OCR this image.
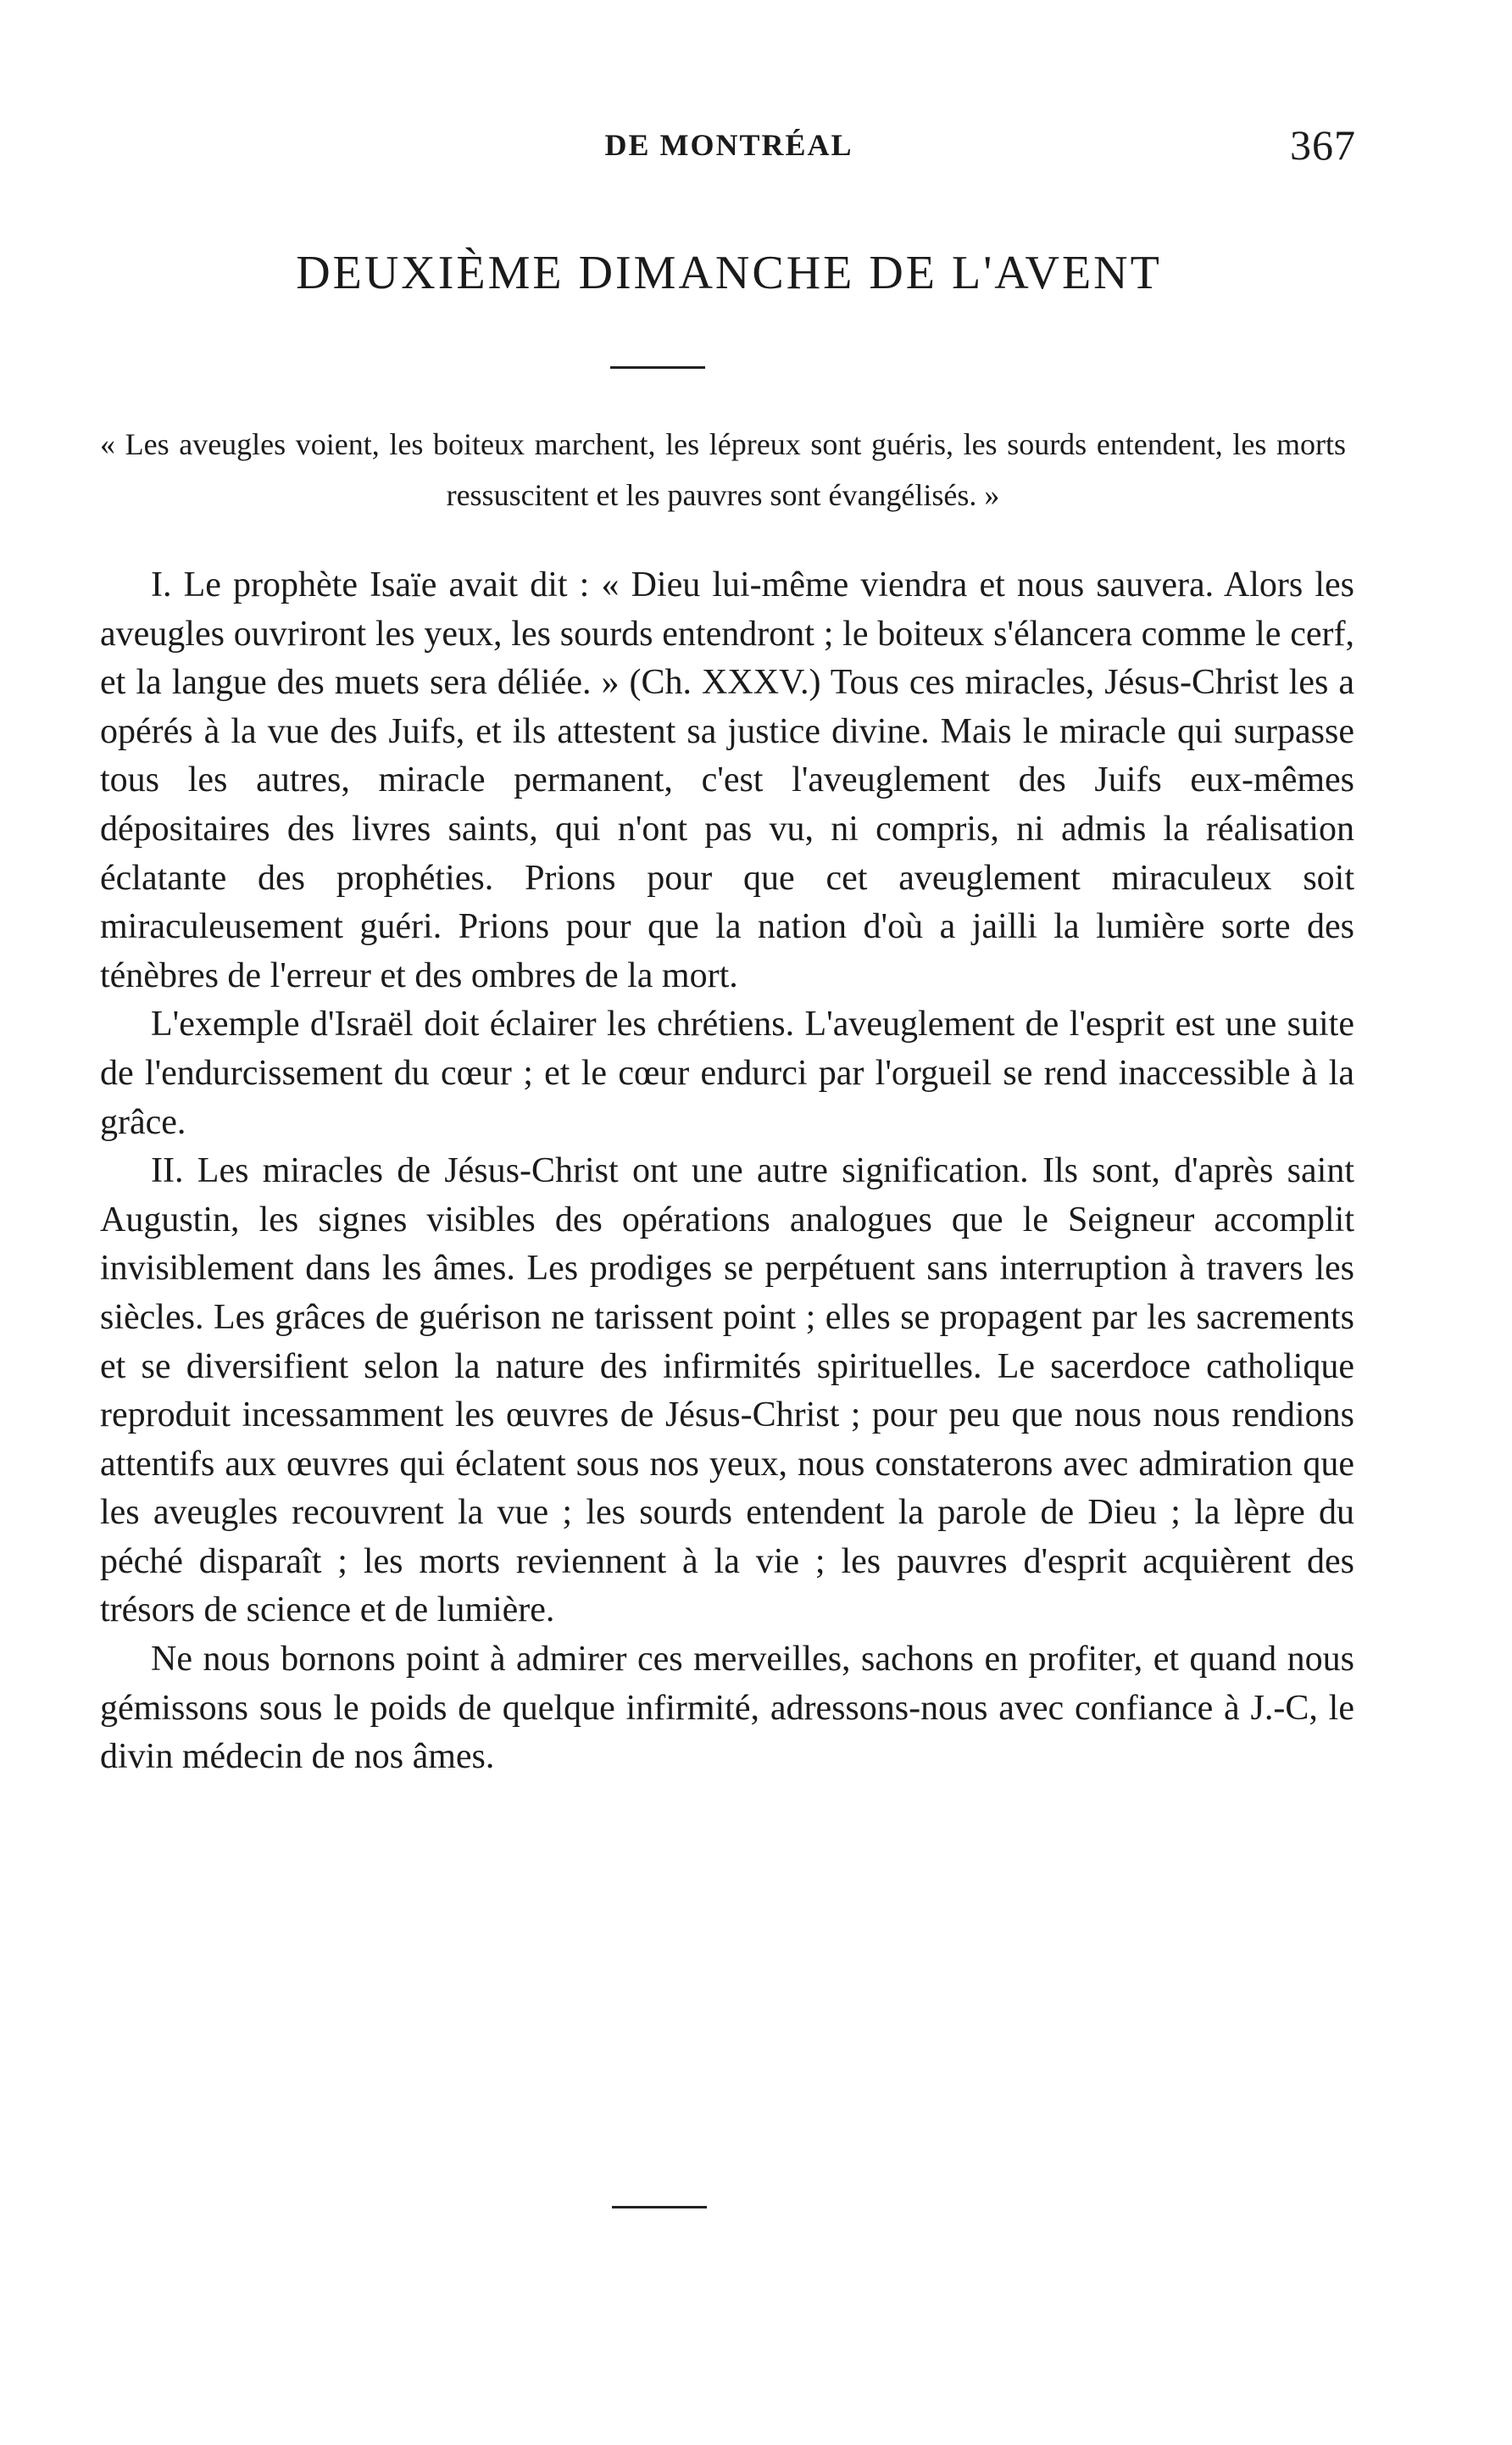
DE MONTRÉAL	367
DEUXIÈME DIMANCHE DE L'AVENT

« Les aveugles voient, les boiteux marchent, les lépreux sont guéris, les sourds entendent, les morts ressuscitent et les pauvres sont évangélisés. »

I. Le prophète Isaïe avait dit : « Dieu lui-même viendra et nous sauvera. Alors les aveugles ouvriront les yeux, les sourds entendront ; le boiteux s'élancera comme le cerf, et la langue des muets sera déliée. » (Ch. XXXV.) Tous ces miracles, Jésus-Christ les a opérés à la vue des Juifs, et ils attestent sa justice divine. Mais le miracle qui surpasse tous les autres, miracle permanent, c'est l'aveuglement des Juifs eux-mêmes dépositaires des livres saints, qui n'ont pas vu, ni compris, ni admis la réalisation éclatante des prophéties. Prions pour que cet aveuglement miraculeux soit miraculeusement guéri. Prions pour que la nation d'où a jailli la lumière sorte des ténèbres de l'erreur et des ombres de la mort.

L'exemple d'Israël doit éclairer les chrétiens. L'aveuglement de l'esprit est une suite de l'endurcissement du cœur ; et le cœur endurci par l'orgueil se rend inaccessible à la grâce.

II. Les miracles de Jésus-Christ ont une autre signification. Ils sont, d'après saint Augustin, les signes visibles des opérations analogues que le Seigneur accomplit invisiblement dans les âmes. Les prodiges se perpétuent sans interruption à travers les siècles. Les grâces de guérison ne tarissent point ; elles se propagent par les sacrements et se diversifient selon la nature des infirmités spirituelles. Le sacerdoce catholique reproduit incessamment les œuvres de Jésus-Christ ; pour peu que nous nous rendions attentifs aux œuvres qui éclatent sous nos yeux, nous constaterons avec admiration que les aveugles recouvrent la vue ; les sourds entendent la parole de Dieu ; la lèpre du péché disparaît ; les morts reviennent à la vie ; les pauvres d'esprit acquièrent des trésors de science et de lumière.

Ne nous bornons point à admirer ces merveilles, sachons en profiter, et quand nous gémissons sous le poids de quelque infirmité, adressons-nous avec confiance à J.-C, le divin médecin de nos âmes.
